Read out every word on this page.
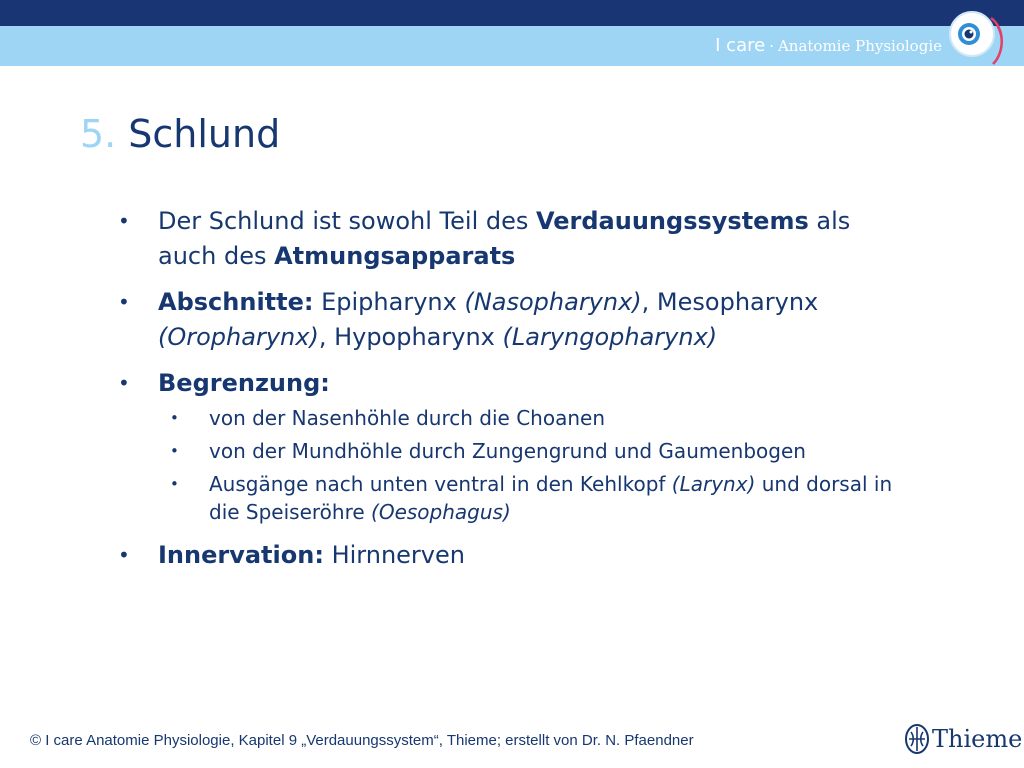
I care · Anatomie Physiologie
5. Schlund
• Der Schlund ist sowohl Teil des Verdauungssystems als auch des Atmungsapparats
• Abschnitte: Epipharynx (Nasopharynx), Mesopharynx (Oropharynx), Hypopharynx (Laryngopharynx)
• Begrenzung:
• von der Nasenhöhle durch die Choanen
• von der Mundhöhle durch Zungengrund und Gaumenbogen
• Ausgänge nach unten ventral in den Kehlkopf (Larynx) und dorsal in die Speiseröhre (Oesophagus)
• Innervation: Hirnnerven
© I care Anatomie Physiologie, Kapitel 9 „Verdauungssystem“, Thieme; erstellt von Dr. N. Pfaendner	Thieme
